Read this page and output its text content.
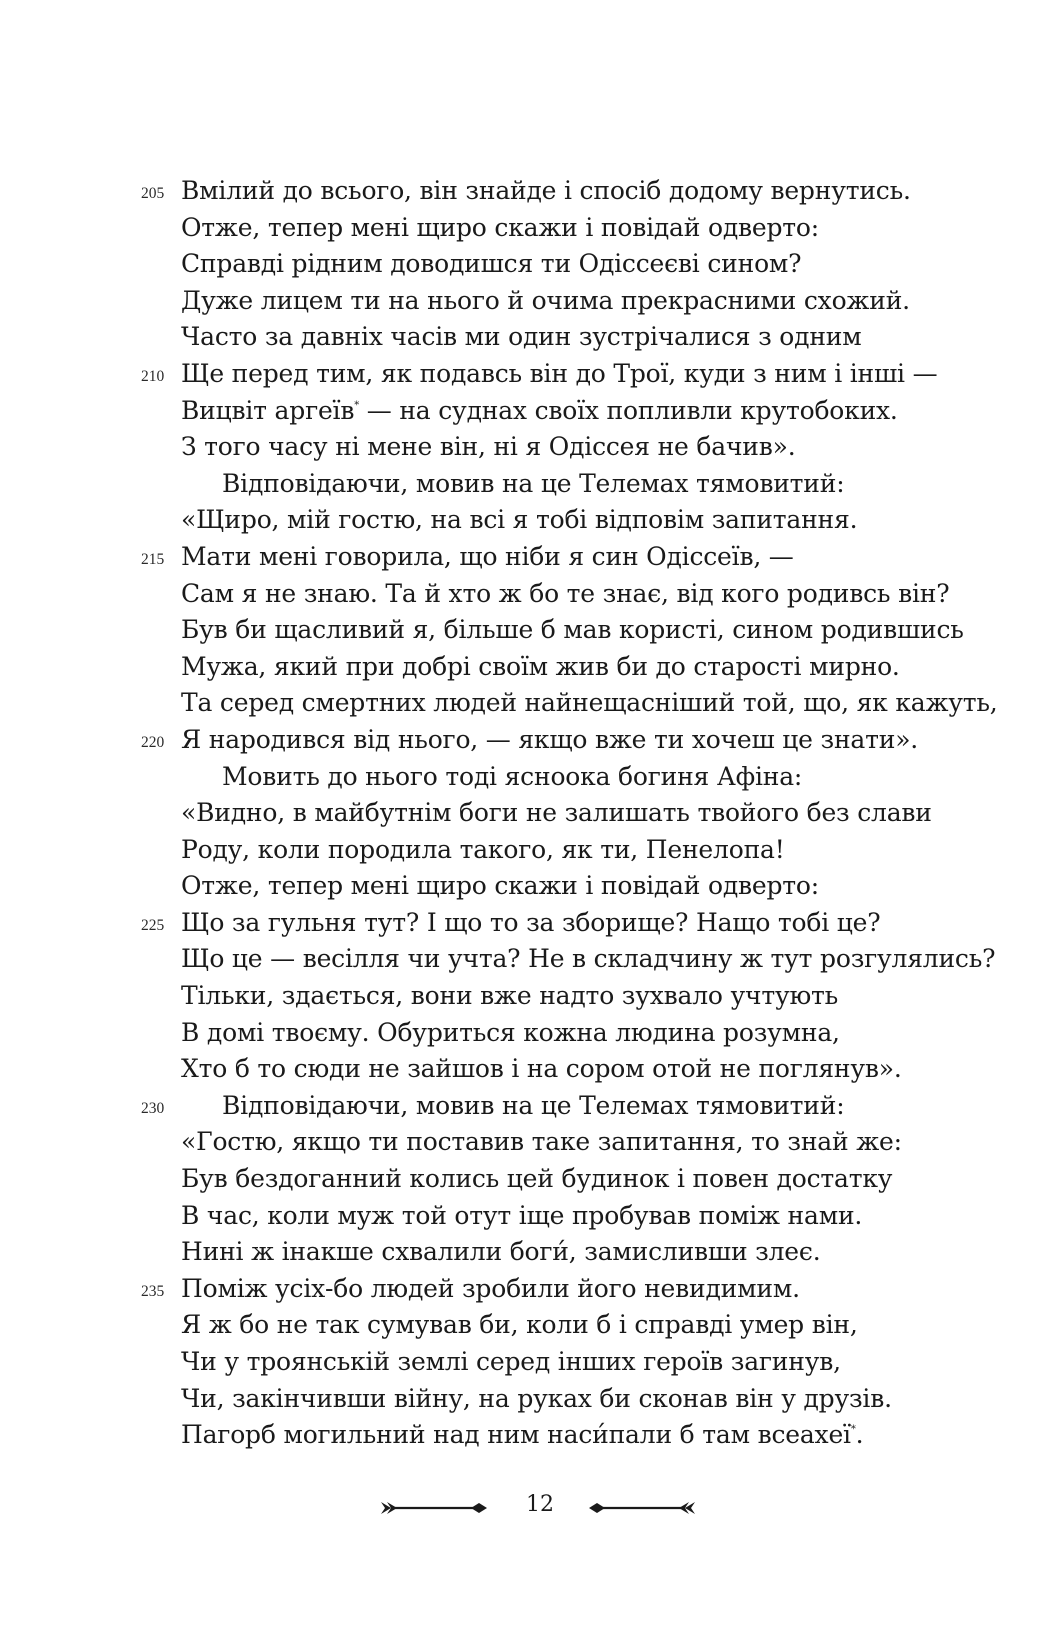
205 Вмілий до всього, він знайде і спосіб додому вернутись.
Отже, тепер мені щиро скажи і повідай одверто:
Справді рідним доводишся ти Одіссеєві сином?
Дуже лицем ти на нього й очима прекрасними схожий.
Часто за давніх часів ми один зустрічалися з одним
210 Ще перед тим, як подавсь він до Трої, куди з ним і інші —
Вицвіт аргеїв* — на суднах своїх попливли крутобоких.
З того часу ні мене він, ні я Одіссея не бачив».
Відповідаючи, мовив на це Телемах тямовитий:
«Щиро, мій гостю, на всі я тобі відповім запитання.
215 Мати мені говорила, що ніби я син Одіссеїв, —
Сам я не знаю. Та й хто ж бо те знає, від кого родивсь він?
Був би щасливий я, більше б мав користі, сином родившись
Мужа, який при добрі своїм жив би до старості мирно.
Та серед смертних людей найнещасніший той, що, як кажуть,
220 Я народився від нього, — якщо вже ти хочеш це знати».
Мовить до нього тоді ясноока богиня Афіна:
«Видно, в майбутнім боги не залишать твойого без слави
Роду, коли породила такого, як ти, Пенелопа!
Отже, тепер мені щиро скажи і повідай одверто:
225 Що за гульня тут? І що то за зборище? Нащо тобі це?
Що це — весілля чи учта? Не в складчину ж тут розгулялись?
Тільки, здається, вони вже надто зухвало учтують
В домі твоєму. Обуриться кожна людина розумна,
Хто б то сюди не зайшов і на сором отой не поглянув».
230 Відповідаючи, мовив на це Телемах тямовитий:
«Гостю, якщо ти поставив таке запитання, то знай же:
Був бездоганний колись цей будинок і повен достатку
В час, коли муж той отут іще пробував поміж нами.
Нині ж інакше схвалили боги́, замисливши злеє.
235 Поміж усіх-бо людей зробили його невидимим.
Я ж бо не так сумував би, коли б і справді умер він,
Чи у троянській землі серед інших героїв загинув,
Чи, закінчивши війну, на руках би сконав він у друзів.
Пагорб могильний над ним наси́пали б там всеахеї*.
12
